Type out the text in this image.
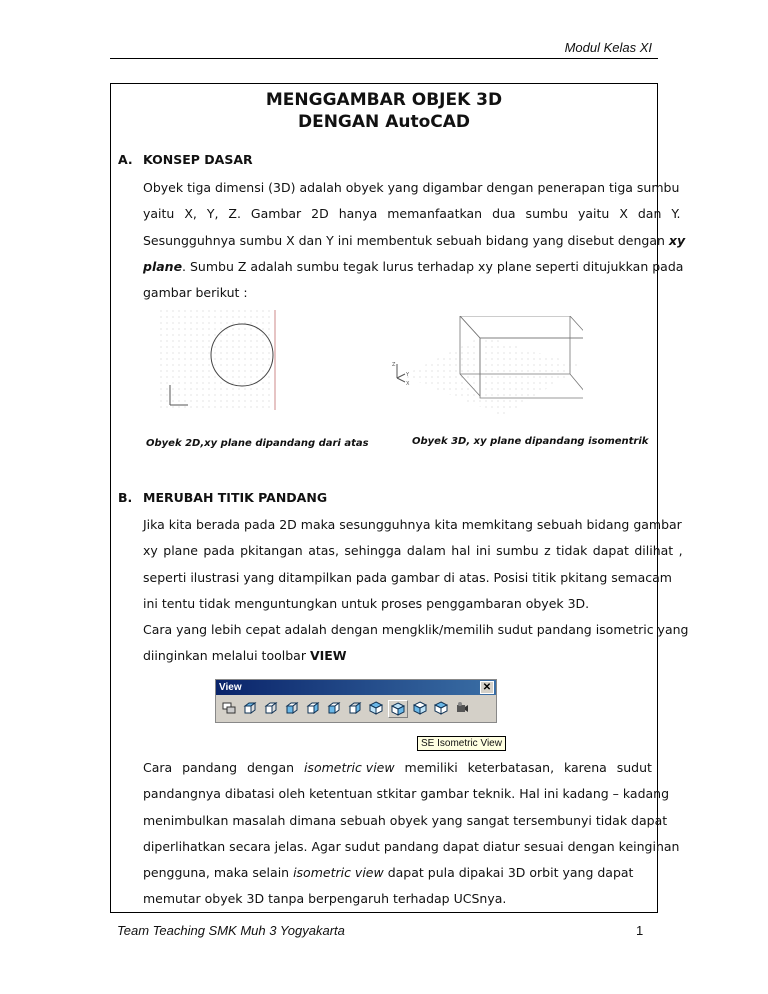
Modul Kelas XI
MENGGAMBAR OBJEK 3D
DENGAN AutoCAD
A. KONSEP DASAR
Obyek tiga dimensi (3D) adalah obyek yang digambar dengan penerapan tiga sumbu
yaitu X, Y, Z. Gambar 2D hanya memanfaatkan dua sumbu yaitu X dan Y.
Sesungguhnya sumbu X dan Y ini membentuk sebuah bidang yang disebut dengan xy
plane. Sumbu Z adalah sumbu tegak lurus terhadap xy plane seperti ditujukkan pada
gambar berikut :
Z
Y
X
Obyek 2D,xy plane dipandang dari atas	Obyek 3D, xy plane dipandang isomentrik
B. MERUBAH TITIK PANDANG
Jika kita berada pada 2D maka sesungguhnya kita memkitang sebuah bidang gambar
xy plane pada pkitangan atas, sehingga dalam hal ini sumbu z tidak dapat dilihat ,
seperti ilustrasi yang ditampilkan pada gambar di atas. Posisi titik pkitang semacam
ini tentu tidak menguntungkan untuk proses penggambaran obyek 3D.
Cara yang lebih cepat adalah dengan mengklik/memilih sudut pandang isometric yang
diinginkan melalui toolbar VIEW
View	✕
SE Isometric View
Cara pandang dengan isometric view memiliki keterbatasan, karena sudut
pandangnya dibatasi oleh ketentuan stkitar gambar teknik. Hal ini kadang – kadang
menimbulkan masalah dimana sebuah obyek yang sangat tersembunyi tidak dapat
diperlihatkan secara jelas. Agar sudut pandang dapat diatur sesuai dengan keinginan
pengguna, maka selain isometric view dapat pula dipakai 3D orbit yang dapat
memutar obyek 3D tanpa berpengaruh terhadap UCSnya.
Team Teaching SMK Muh 3 Yogyakarta	1
